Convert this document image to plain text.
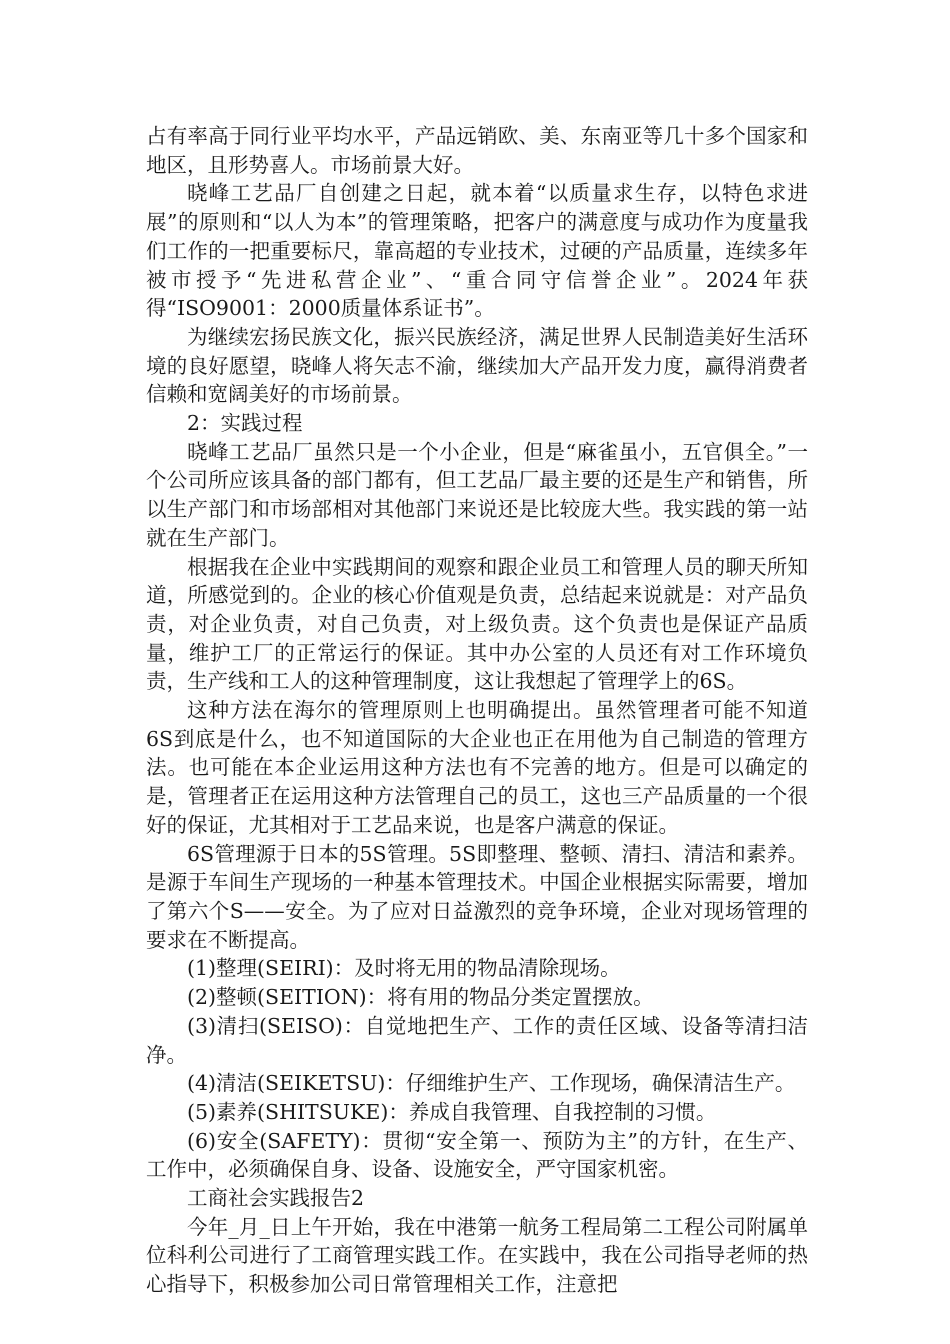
占有率高于同行业平均水平，产品远销欧、美、东南亚等几十多个国家和地区，且形势喜人。市场前景大好。

晓峰工艺品厂自创建之日起，就本着“以质量求生存，以特色求进展”的原则和“以人为本”的管理策略，把客户的满意度与成功作为度量我们工作的一把重要标尺，靠高超的专业技术，过硬的产品质量，连续多年被市授予“先进私营企业”、“重合同守信誉企业”。2024年获得“ISO9001：2000质量体系证书”。

为继续宏扬民族文化，振兴民族经济，满足世界人民制造美好生活环境的良好愿望，晓峰人将矢志不渝，继续加大产品开发力度，赢得消费者信赖和宽阔美好的市场前景。

2：实践过程

晓峰工艺品厂虽然只是一个小企业，但是“麻雀虽小，五官俱全。”一个公司所应该具备的部门都有，但工艺品厂最主要的还是生产和销售，所以生产部门和市场部相对其他部门来说还是比较庞大些。我实践的第一站就在生产部门。

根据我在企业中实践期间的观察和跟企业员工和管理人员的聊天所知道，所感觉到的。企业的核心价值观是负责，总结起来说就是：对产品负责，对企业负责，对自己负责，对上级负责。这个负责也是保证产品质量，维护工厂的正常运行的保证。其中办公室的人员还有对工作环境负责，生产线和工人的这种管理制度，这让我想起了管理学上的6S。

这种方法在海尔的管理原则上也明确提出。虽然管理者可能不知道6S到底是什么，也不知道国际的大企业也正在用他为自己制造的管理方法。也可能在本企业运用这种方法也有不完善的地方。但是可以确定的是，管理者正在运用这种方法管理自己的员工，这也三产品质量的一个很好的保证，尤其相对于工艺品来说，也是客户满意的保证。

6S管理源于日本的5S管理。5S即整理、整顿、清扫、清洁和素养。是源于车间生产现场的一种基本管理技术。中国企业根据实际需要，增加了第六个S——安全。为了应对日益激烈的竞争环境，企业对现场管理的要求在不断提高。

(1)整理(SEIRI)：及时将无用的物品清除现场。

(2)整顿(SEITION)：将有用的物品分类定置摆放。

(3)清扫(SEISO)：自觉地把生产、工作的责任区域、设备等清扫洁净。

(4)清洁(SEIKETSU)：仔细维护生产、工作现场，确保清洁生产。

(5)素养(SHITSUKE)：养成自我管理、自我控制的习惯。

(6)安全(SAFETY)：贯彻“安全第一、预防为主”的方针，在生产、工作中，必须确保自身、设备、设施安全，严守国家机密。

工商社会实践报告2

今年_月_日上午开始，我在中港第一航务工程局第二工程公司附属单位科利公司进行了工商管理实践工作。在实践中，我在公司指导老师的热心指导下，积极参加公司日常管理相关工作，注意把
